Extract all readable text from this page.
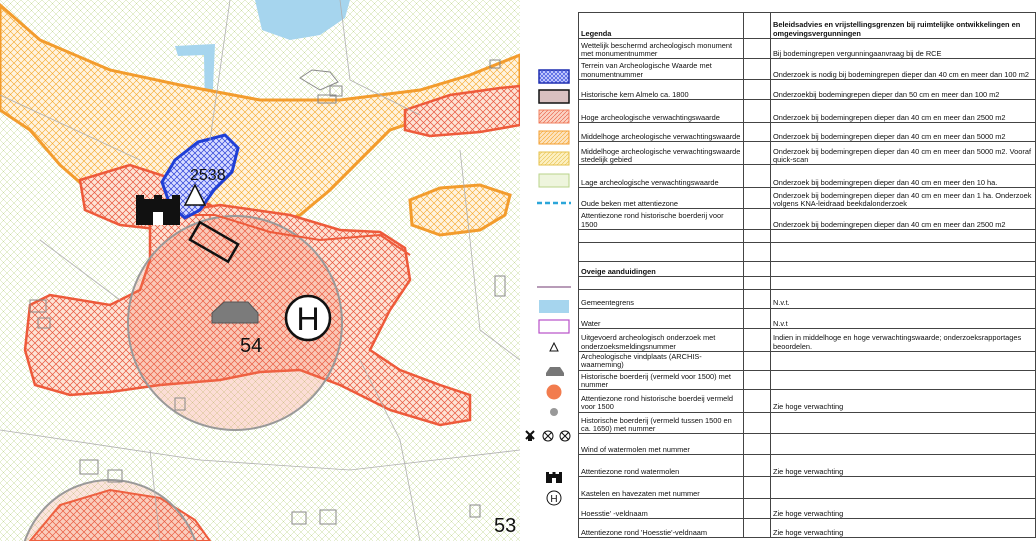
H
2538
54
53
H
Legenda		Beleidsadvies en vrijstellingsgrenzen bij ruimtelijke ontwikkelingen en omgevingsvergunningen
Wettelijk beschermd archeologisch monument met monumentnummer		Bij bodemingrepen vergunningaanvraag bij de RCE
Terrein van Archeologische Waarde met monumentnummer		Onderzoek is nodig bij bodemingrepen dieper dan 40 cm en meer dan 100 m2
Historische kern Almelo ca. 1800		Onderzoekbij bodemingrepen dieper dan 50 cm en meer dan 100 m2
Hoge archeologische verwachtingswaarde		Onderzoek bij bodemingrepen dieper dan 40 cm en meer dan 2500 m2
Middelhoge archeologische verwachtingswaarde		Onderzoek bij bodemingrepen dieper dan 40 cm en meer dan 5000 m2
Middelhoge archeologische verwachtingswaarde stedelijk gebied		Onderzoek bij bodemingrepen dieper dan 40 cm en meer dan 5000 m2. Vooraf quick-scan
Lage archeologische verwachtingswaarde		Onderzoek bij bodemingrepen dieper dan 40 cm en meer den 10 ha.
Oude beken met attentiezone		Onderzoek bij bodemingrepen dieper dan 40 cm en meer dan 1 ha. Onderzoek volgens KNA-leidraad beekdalonderzoek
Attentiezone rond historische boerderij voor 1500		Onderzoek bij bodemingrepen dieper dan 40 cm en meer dan 2500 m2

Oveige aanduidingen		

Gemeentegrens		N.v.t.
Water		N.v.t
Uitgevoerd archeologisch onderzoek met onderzoeksmeldingsnummer		Indien in middelhoge en hoge verwachtingswaarde; onderzoeksrapportages beoordelen.
Archeologische vindplaats (ARCHIS-waarneming)		
Historische boerderij (vermeld voor 1500) met nummer		
Attentiezone rond historische boerdeij vermeld voor 1500		Zie hoge verwachting
Historische boerderij (vermeld tussen 1500 en ca. 1650) met nummer		
Wind of watermolen met nummer		
Attentiezone rond watermolen		Zie hoge verwachting
Kastelen en havezaten met nummer		
Hoesstie' -veldnaam		Zie hoge verwachting
Attentiezone rond 'Hoesstie'-veldnaam		Zie hoge verwachting
